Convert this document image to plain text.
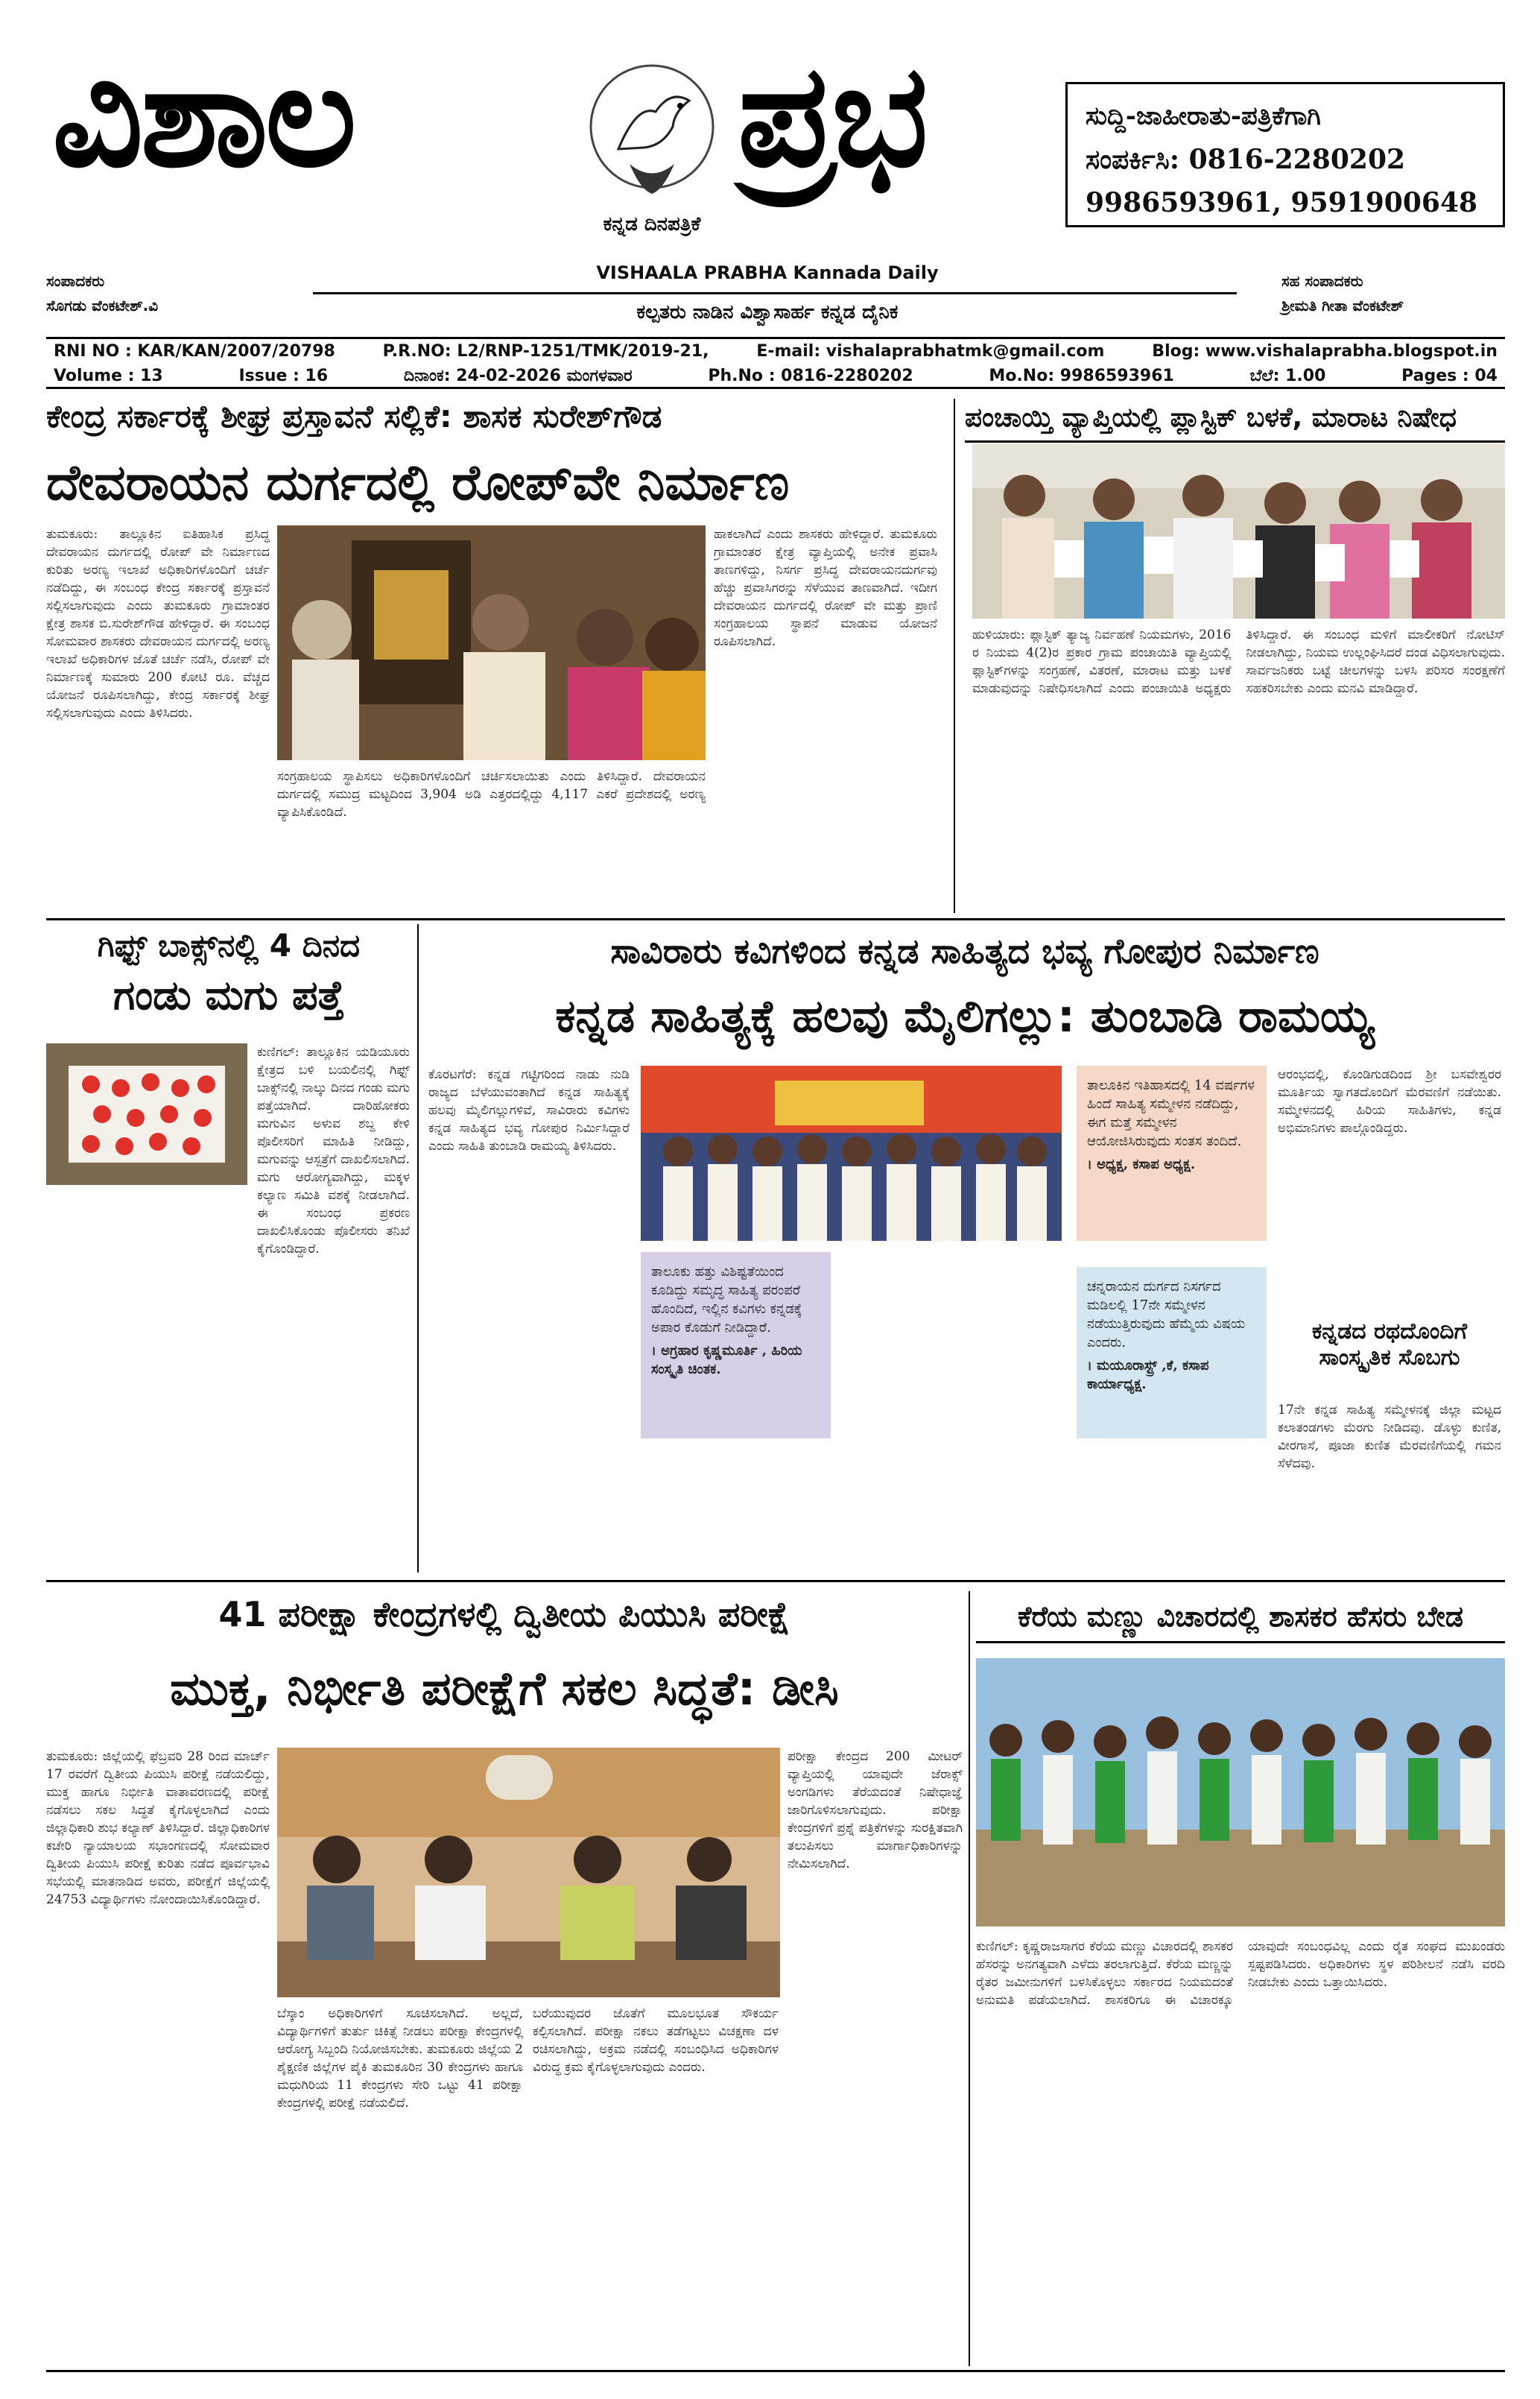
ವಿಶಾಲ
ಕನ್ನಡ ದಿನಪತ್ರಿಕೆ
ಪ್ರಭ	ಸುದ್ದಿ-ಜಾಹೀರಾತು-ಪತ್ರಿಕೆಗಾಗಿ
ಸಂಪರ್ಕಿಸಿ: 0816-2280202
9986593961, 9591900648
ಸಂಪಾದಕರು
ಸೊಗಡು ವೆಂಕಟೇಶ್.ವಿ
VISHAALA PRABHA Kannada Daily
ಕಲ್ಪತರು ನಾಡಿನ ವಿಶ್ವಾಸಾರ್ಹ ಕನ್ನಡ ದೈನಿಕ
ಸಹ ಸಂಪಾದಕರು
ಶ್ರೀಮತಿ ಗೀತಾ ವೆಂಕಟೇಶ್
RNI NO : KAR/KAN/2007/20798	P.R.NO: L2/RNP-1251/TMK/2019-21,	E-mail: vishalaprabhatmk@gmail.com	Blog: www.vishalaprabha.blogspot.in
Volume : 13	Issue : 16	ದಿನಾಂಕ: 24-02-2026 ಮಂಗಳವಾರ	Ph.No : 0816-2280202	Mo.No: 9986593961	ಬೆಲೆ: 1.00	Pages : 04
ಕೇಂದ್ರ ಸರ್ಕಾರಕ್ಕೆ ಶೀಘ್ರ ಪ್ರಸ್ತಾವನೆ ಸಲ್ಲಿಕೆ: ಶಾಸಕ ಸುರೇಶ್‌ಗೌಡ
ದೇವರಾಯನ ದುರ್ಗದಲ್ಲಿ ರೋಪ್‌ವೇ ನಿರ್ಮಾಣ
ತುಮಕೂರು: ತಾಲ್ಲೂಕಿನ ಐತಿಹಾಸಿಕ ಪ್ರಸಿದ್ಧ ದೇವರಾಯನ ದುರ್ಗದಲ್ಲಿ ರೋಪ್ ವೇ ನಿರ್ಮಾಣದ ಕುರಿತು ಅರಣ್ಯ ಇಲಾಖೆ ಅಧಿಕಾರಿಗಳೊಂದಿಗೆ ಚರ್ಚೆ ನಡೆದಿದ್ದು, ಈ ಸಂಬಂಧ ಕೇಂದ್ರ ಸರ್ಕಾರಕ್ಕೆ ಪ್ರಸ್ತಾವನೆ ಸಲ್ಲಿಸಲಾಗುವುದು ಎಂದು ತುಮಕೂರು ಗ್ರಾಮಾಂತರ ಕ್ಷೇತ್ರ ಶಾಸಕ ಬಿ.ಸುರೇಶ್‌ಗೌಡ ಹೇಳಿದ್ದಾರೆ. ಈ ಸಂಬಂಧ ಸೋಮವಾರ ಶಾಸಕರು ದೇವರಾಯನ ದುರ್ಗದಲ್ಲಿ ಅರಣ್ಯ ಇಲಾಖೆ ಅಧಿಕಾರಿಗಳ ಜೊತೆ ಚರ್ಚೆ ನಡೆಸಿ, ರೋಪ್ ವೇ ನಿರ್ಮಾಣಕ್ಕೆ ಸುಮಾರು 200 ಕೋಟಿ ರೂ. ವೆಚ್ಚದ ಯೋಜನೆ ರೂಪಿಸಲಾಗಿದ್ದು, ಕೇಂದ್ರ ಸರ್ಕಾರಕ್ಕೆ ಶೀಘ್ರ ಸಲ್ಲಿಸಲಾಗುವುದು ಎಂದು ತಿಳಿಸಿದರು.
ಸಂಗ್ರಹಾಲಯ ಸ್ಥಾಪಿಸಲು ಅಧಿಕಾರಿಗಳೊಂದಿಗೆ ಚರ್ಚಿಸಲಾಯಿತು ಎಂದು ತಿಳಿಸಿದ್ದಾರೆ. ದೇವರಾಯನ ದುರ್ಗದಲ್ಲಿ ಸಮುದ್ರ ಮಟ್ಟದಿಂದ 3,904 ಅಡಿ ಎತ್ತರದಲ್ಲಿದ್ದು 4,117 ಎಕರೆ ಪ್ರದೇಶದಲ್ಲಿ ಅರಣ್ಯ ವ್ಯಾಪಿಸಿಕೊಂಡಿದೆ.
ಹಾಕಲಾಗಿದೆ ಎಂದು ಶಾಸಕರು ಹೇಳಿದ್ದಾರೆ. ತುಮಕೂರು ಗ್ರಾಮಾಂತರ ಕ್ಷೇತ್ರ ವ್ಯಾಪ್ತಿಯಲ್ಲಿ ಅನೇಕ ಪ್ರವಾಸಿ ತಾಣಗಳಿದ್ದು, ನಿಸರ್ಗ ಪ್ರಸಿದ್ಧ ದೇವರಾಯನದುರ್ಗವು ಹೆಚ್ಚು ಪ್ರವಾಸಿಗರನ್ನು ಸೆಳೆಯುವ ತಾಣವಾಗಿದೆ. ಇದೀಗ ದೇವರಾಯನ ದುರ್ಗದಲ್ಲಿ ರೋಪ್ ವೇ ಮತ್ತು ಪ್ರಾಣಿ ಸಂಗ್ರಹಾಲಯ ಸ್ಥಾಪನೆ ಮಾಡುವ ಯೋಜನೆ ರೂಪಿಸಲಾಗಿದೆ.
ಪಂಚಾಯ್ತಿ ವ್ಯಾಪ್ತಿಯಲ್ಲಿ ಪ್ಲಾಸ್ಟಿಕ್ ಬಳಕೆ, ಮಾರಾಟ ನಿಷೇಧ
ಹುಳಿಯಾರು: ಪ್ಲಾಸ್ಟಿಕ್ ತ್ಯಾಜ್ಯ ನಿರ್ವಹಣೆ ನಿಯಮಗಳು, 2016 ರ ನಿಯಮ 4(2)ರ ಪ್ರಕಾರ ಗ್ರಾಮ ಪಂಚಾಯಿತಿ ವ್ಯಾಪ್ತಿಯಲ್ಲಿ ಪ್ಲಾಸ್ಟಿಕ್‌ಗಳನ್ನು ಸಂಗ್ರಹಣೆ, ವಿತರಣೆ, ಮಾರಾಟ ಮತ್ತು ಬಳಕೆ ಮಾಡುವುದನ್ನು ನಿಷೇಧಿಸಲಾಗಿದೆ ಎಂದು ಪಂಚಾಯಿತಿ ಅಧ್ಯಕ್ಷರು ತಿಳಿಸಿದ್ದಾರೆ. ಈ ಸಂಬಂಧ ಮಳಿಗೆ ಮಾಲೀಕರಿಗೆ ನೋಟಿಸ್ ನೀಡಲಾಗಿದ್ದು, ನಿಯಮ ಉಲ್ಲಂಘಿಸಿದರೆ ದಂಡ ವಿಧಿಸಲಾಗುವುದು. ಸಾರ್ವಜನಿಕರು ಬಟ್ಟೆ ಚೀಲಗಳನ್ನು ಬಳಸಿ ಪರಿಸರ ಸಂರಕ್ಷಣೆಗೆ ಸಹಕರಿಸಬೇಕು ಎಂದು ಮನವಿ ಮಾಡಿದ್ದಾರೆ.
ಗಿಫ್ಟ್ ಬಾಕ್ಸ್‌ನಲ್ಲಿ 4 ದಿನದ
ಗಂಡು ಮಗು ಪತ್ತೆ
ಕುಣಿಗಲ್: ತಾಲ್ಲೂಕಿನ ಯಡಿಯೂರು ಕ್ಷೇತ್ರದ ಬಳಿ ಬಯಲಿನಲ್ಲಿ ಗಿಫ್ಟ್ ಬಾಕ್ಸ್‌ನಲ್ಲಿ ನಾಲ್ಕು ದಿನದ ಗಂಡು ಮಗು ಪತ್ತೆಯಾಗಿದೆ. ದಾರಿಹೋಕರು ಮಗುವಿನ ಅಳುವ ಶಬ್ದ ಕೇಳಿ ಪೊಲೀಸರಿಗೆ ಮಾಹಿತಿ ನೀಡಿದ್ದು, ಮಗುವನ್ನು ಆಸ್ಪತ್ರೆಗೆ ದಾಖಲಿಸಲಾಗಿದೆ. ಮಗು ಆರೋಗ್ಯವಾಗಿದ್ದು, ಮಕ್ಕಳ ಕಲ್ಯಾಣ ಸಮಿತಿ ವಶಕ್ಕೆ ನೀಡಲಾಗಿದೆ. ಈ ಸಂಬಂಧ ಪ್ರಕರಣ ದಾಖಲಿಸಿಕೊಂಡು ಪೊಲೀಸರು ತನಿಖೆ ಕೈಗೊಂಡಿದ್ದಾರೆ.
ಸಾವಿರಾರು ಕವಿಗಳಿಂದ ಕನ್ನಡ ಸಾಹಿತ್ಯದ ಭವ್ಯ ಗೋಪುರ ನಿರ್ಮಾಣ
ಕನ್ನಡ ಸಾಹಿತ್ಯಕ್ಕೆ ಹಲವು ಮೈಲಿಗಲ್ಲು: ತುಂಬಾಡಿ ರಾಮಯ್ಯ
ಕೊರಟಗೆರೆ: ಕನ್ನಡ ಗಟ್ಟಿಗರಿಂದ ನಾಡು ನುಡಿ ರಾಜ್ಯದ ಬೆಳೆಯುವಂತಾಗಿದೆ ಕನ್ನಡ ಸಾಹಿತ್ಯಕ್ಕೆ ಹಲವು ಮೈಲಿಗಲ್ಲುಗಳಿವೆ, ಸಾವಿರಾರು ಕವಿಗಳು ಕನ್ನಡ ಸಾಹಿತ್ಯದ ಭವ್ಯ ಗೋಪುರ ನಿರ್ಮಿಸಿದ್ದಾರೆ ಎಂದು ಸಾಹಿತಿ ತುಂಬಾಡಿ ರಾಮಯ್ಯ ತಿಳಿಸಿದರು.
ತಾಲೂಕು ಹತ್ತು ವಿಶಿಷ್ಟತೆಯಿಂದ ಕೂಡಿದ್ದು ಸಮೃದ್ಧ ಸಾಹಿತ್ಯ ಪರಂಪರೆ ಹೊಂದಿದೆ, ಇಲ್ಲಿನ ಕವಿಗಳು ಕನ್ನಡಕ್ಕೆ ಅಪಾರ ಕೊಡುಗೆ ನೀಡಿದ್ದಾರೆ.
। ಅಗ್ರಹಾರ ಕೃಷ್ಣಮೂರ್ತಿ , ಹಿರಿಯ ಸಂಸ್ಕೃತಿ ಚಿಂತಕ.
ತಾಲೂಕಿನ ಇತಿಹಾಸದಲ್ಲಿ 14 ವರ್ಷಗಳ ಹಿಂದೆ ಸಾಹಿತ್ಯ ಸಮ್ಮೇಳನ ನಡೆದಿದ್ದು, ಈಗ ಮತ್ತೆ ಸಮ್ಮೇಳನ ಆಯೋಜಿಸಿರುವುದು ಸಂತಸ ತಂದಿದೆ.
। ಅಧ್ಯಕ್ಷ, ಕಸಾಪ ಅಧ್ಯಕ್ಷ.
ಚನ್ನರಾಯನ ದುರ್ಗದ ನಿಸರ್ಗದ ಮಡಿಲಲ್ಲಿ 17ನೇ ಸಮ್ಮೇಳನ ನಡೆಯುತ್ತಿರುವುದು ಹೆಮ್ಮೆಯ ವಿಷಯ ಎಂದರು.
। ಮಯೂರಾಸ್ಟ್ರ್ ,ಕೆ, ಕಸಾಪ ಕಾರ್ಯಾಧ್ಯಕ್ಷ.
ಆರಂಭದಲ್ಲಿ, ಕೊಂಡಿಗುಡದಿಂದ ಶ್ರೀ ಬಸವೇಶ್ವರರ ಮೂರ್ತಿಯ ಸ್ವಾಗತದೊಂದಿಗೆ ಮೆರವಣಿಗೆ ನಡೆಯಿತು. ಸಮ್ಮೇಳನದಲ್ಲಿ ಹಿರಿಯ ಸಾಹಿತಿಗಳು, ಕನ್ನಡ ಅಭಿಮಾನಿಗಳು ಪಾಲ್ಗೊಂಡಿದ್ದರು.
ಕನ್ನಡದ ರಥದೊಂದಿಗೆ ಸಾಂಸ್ಕೃತಿಕ ಸೊಬಗು
17ನೇ ಕನ್ನಡ ಸಾಹಿತ್ಯ ಸಮ್ಮೇಳನಕ್ಕೆ ಜಿಲ್ಲಾ ಮಟ್ಟದ ಕಲಾತಂಡಗಳು ಮೆರಗು ನೀಡಿದವು. ಡೊಳ್ಳು ಕುಣಿತ, ವೀರಗಾಸೆ, ಪೂಜಾ ಕುಣಿತ ಮೆರವಣಿಗೆಯಲ್ಲಿ ಗಮನ ಸೆಳೆದವು.
41 ಪರೀಕ್ಷಾ ಕೇಂದ್ರಗಳಲ್ಲಿ ದ್ವಿತೀಯ ಪಿಯುಸಿ ಪರೀಕ್ಷೆ
ಮುಕ್ತ, ನಿರ್ಭೀತಿ ಪರೀಕ್ಷೆಗೆ ಸಕಲ ಸಿದ್ಧತೆ: ಡೀಸಿ
ತುಮಕೂರು: ಜಿಲ್ಲೆಯಲ್ಲಿ ಫೆಬ್ರವರಿ 28 ರಿಂದ ಮಾರ್ಚ್ 17 ರವರೆಗೆ ದ್ವಿತೀಯ ಪಿಯುಸಿ ಪರೀಕ್ಷೆ ನಡೆಯಲಿದ್ದು, ಮುಕ್ತ ಹಾಗೂ ನಿರ್ಭೀತಿ ವಾತಾವರಣದಲ್ಲಿ ಪರೀಕ್ಷೆ ನಡೆಸಲು ಸಕಲ ಸಿದ್ಧತೆ ಕೈಗೊಳ್ಳಲಾಗಿದೆ ಎಂದು ಜಿಲ್ಲಾಧಿಕಾರಿ ಶುಭ ಕಲ್ಯಾಣ್ ತಿಳಿಸಿದ್ದಾರೆ. ಜಿಲ್ಲಾಧಿಕಾರಿಗಳ ಕಚೇರಿ ನ್ಯಾಯಾಲಯ ಸಭಾಂಗಣದಲ್ಲಿ ಸೋಮವಾರ ದ್ವಿತೀಯ ಪಿಯುಸಿ ಪರೀಕ್ಷೆ ಕುರಿತು ನಡೆದ ಪೂರ್ವಭಾವಿ ಸಭೆಯಲ್ಲಿ ಮಾತನಾಡಿದ ಅವರು, ಪರೀಕ್ಷೆಗೆ ಜಿಲ್ಲೆಯಲ್ಲಿ 24753 ವಿದ್ಯಾರ್ಥಿಗಳು ನೋಂದಾಯಿಸಿಕೊಂಡಿದ್ದಾರೆ.
ಪರೀಕ್ಷಾ ಕೇಂದ್ರದ 200 ಮೀಟರ್ ವ್ಯಾಪ್ತಿಯಲ್ಲಿ ಯಾವುದೇ ಜೆರಾಕ್ಸ್ ಅಂಗಡಿಗಳು ತೆರೆಯದಂತೆ ನಿಷೇಧಾಜ್ಞೆ ಜಾರಿಗೊಳಿಸಲಾಗುವುದು. ಪರೀಕ್ಷಾ ಕೇಂದ್ರಗಳಿಗೆ ಪ್ರಶ್ನೆ ಪತ್ರಿಕೆಗಳನ್ನು ಸುರಕ್ಷಿತವಾಗಿ ತಲುಪಿಸಲು ಮಾರ್ಗಾಧಿಕಾರಿಗಳನ್ನು ನೇಮಿಸಲಾಗಿದೆ.
ಬೆಸ್ಕಾಂ ಅಧಿಕಾರಿಗಳಿಗೆ ಸೂಚಿಸಲಾಗಿದೆ. ಅಲ್ಲದೆ, ವಿದ್ಯಾರ್ಥಿಗಳಿಗೆ ತುರ್ತು ಚಿಕಿತ್ಸೆ ನೀಡಲು ಪರೀಕ್ಷಾ ಕೇಂದ್ರಗಳಲ್ಲಿ ಆರೋಗ್ಯ ಸಿಬ್ಬಂದಿ ನಿಯೋಜಿಸಬೇಕು. ತುಮಕೂರು ಜಿಲ್ಲೆಯ 2 ಶೈಕ್ಷಣಿಕ ಜಿಲ್ಲೆಗಳ ಪೈಕಿ ತುಮಕೂರಿನ 30 ಕೇಂದ್ರಗಳು ಹಾಗೂ ಮಧುಗಿರಿಯ 11 ಕೇಂದ್ರಗಳು ಸೇರಿ ಒಟ್ಟು 41 ಪರೀಕ್ಷಾ ಕೇಂದ್ರಗಳಲ್ಲಿ ಪರೀಕ್ಷೆ ನಡೆಯಲಿದೆ.
ಬರೆಯುವುದರ ಜೊತೆಗೆ ಮೂಲಭೂತ ಸೌಕರ್ಯ ಕಲ್ಪಿಸಲಾಗಿದೆ. ಪರೀಕ್ಷಾ ನಕಲು ತಡೆಗಟ್ಟಲು ವಿಚಕ್ಷಣಾ ದಳ ರಚಿಸಲಾಗಿದ್ದು, ಅಕ್ರಮ ನಡೆದಲ್ಲಿ ಸಂಬಂಧಿಸಿದ ಅಧಿಕಾರಿಗಳ ವಿರುದ್ಧ ಕ್ರಮ ಕೈಗೊಳ್ಳಲಾಗುವುದು ಎಂದರು.
ಕೆರೆಯ ಮಣ್ಣು ವಿಚಾರದಲ್ಲಿ ಶಾಸಕರ ಹೆಸರು ಬೇಡ
ಕುಣಿಗಲ್: ಕೃಷ್ಣರಾಜಸಾಗರ ಕೆರೆಯ ಮಣ್ಣು ವಿಚಾರದಲ್ಲಿ ಶಾಸಕರ ಹೆಸರನ್ನು ಅನಗತ್ಯವಾಗಿ ಎಳೆದು ತರಲಾಗುತ್ತಿದೆ. ಕೆರೆಯ ಮಣ್ಣನ್ನು ರೈತರ ಜಮೀನುಗಳಿಗೆ ಬಳಸಿಕೊಳ್ಳಲು ಸರ್ಕಾರದ ನಿಯಮದಂತೆ ಅನುಮತಿ ಪಡೆಯಲಾಗಿದೆ. ಶಾಸಕರಿಗೂ ಈ ವಿಚಾರಕ್ಕೂ ಯಾವುದೇ ಸಂಬಂಧವಿಲ್ಲ ಎಂದು ರೈತ ಸಂಘದ ಮುಖಂಡರು ಸ್ಪಷ್ಟಪಡಿಸಿದರು. ಅಧಿಕಾರಿಗಳು ಸ್ಥಳ ಪರಿಶೀಲನೆ ನಡೆಸಿ ವರದಿ ನೀಡಬೇಕು ಎಂದು ಒತ್ತಾಯಿಸಿದರು.
